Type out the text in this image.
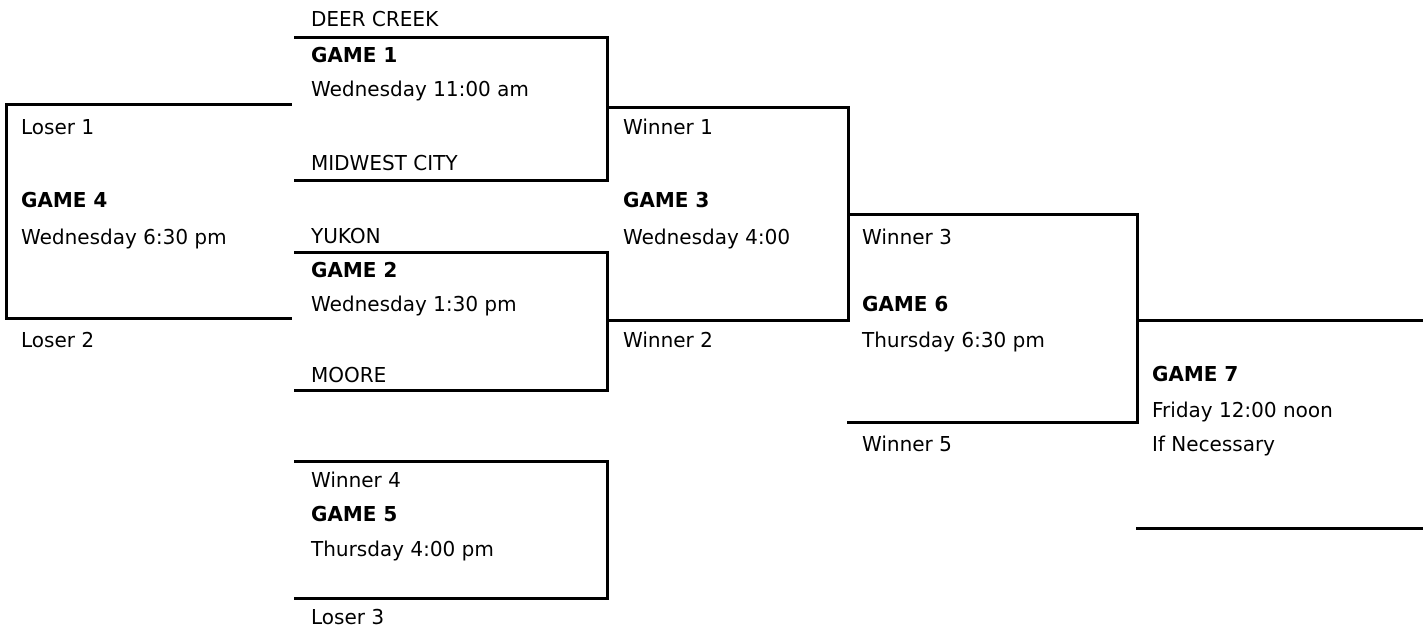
DEER CREEK
GAME 1
Wednesday 11:00 am
MIDWEST CITY
YUKON
GAME 2
Wednesday 1:30 pm
MOORE
Winner 1
GAME 3
Wednesday 4:00
Winner 2
Loser 1
GAME 4
Wednesday 6:30 pm
Loser 2
Winner 4
GAME 5
Thursday 4:00 pm
Loser 3
Winner 3
GAME 6
Thursday 6:30 pm
Winner 5
GAME 7
Friday 12:00 noon
If Necessary
